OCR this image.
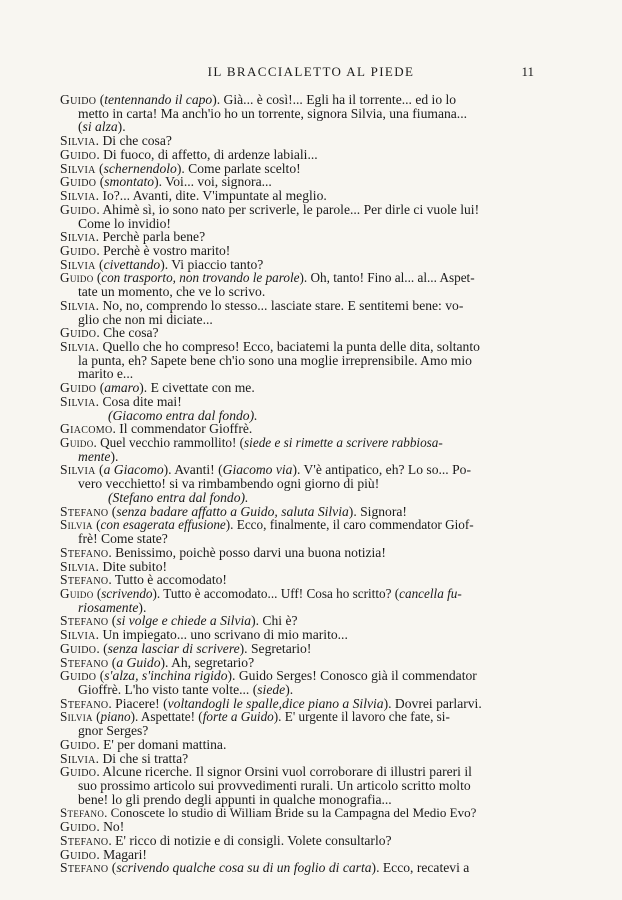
IL BRACCIALETTO AL PIEDE	11
Guido (tentennando il capo). Già... è così!... Egli ha il torrente... ed io lo
metto in carta! Ma anch'io ho un torrente, signora Silvia, una fiumana...
(si alza).
Silvia. Di che cosa?
Guido. Di fuoco, di affetto, di ardenze labiali...
Silvia (schernendolo). Come parlate scelto!
Guido (smontato). Voi... voi, signora...
Silvia. Io?... Avanti, dite. V'impuntate al meglio.
Guido. Ahimè sì, io sono nato per scriverle, le parole... Per dirle ci vuole lui!
Come lo invidio!
Silvia. Perchè parla bene?
Guido. Perchè è vostro marito!
Silvia (civettando). Vi piaccio tanto?
Guido (con trasporto, non trovando le parole). Oh, tanto! Fino al... al... Aspet-
tate un momento, che ve lo scrivo.
Silvia. No, no, comprendo lo stesso... lasciate stare. E sentitemi bene: vo-
glio che non mi diciate...
Guido. Che cosa?
Silvia. Quello che ho compreso! Ecco, baciatemi la punta delle dita, soltanto
la punta, eh? Sapete bene ch'io sono una moglie irreprensibile. Amo mio
marito e...
Guido (amaro). E civettate con me.
Silvia. Cosa dite mai!
(Giacomo entra dal fondo).
Giacomo. Il commendator Gioffrè.
Guido. Quel vecchio rammollito! (siede e si rimette a scrivere rabbiosa-
mente).
Silvia (a Giacomo). Avanti! (Giacomo via). V'è antipatico, eh? Lo so... Po-
vero vecchietto! si va rimbambendo ogni giorno di più!
(Stefano entra dal fondo).
Stefano (senza badare affatto a Guido, saluta Silvia). Signora!
Silvia (con esagerata effusione). Ecco, finalmente, il caro commendator Giof-
frè! Come state?
Stefano. Benissimo, poichè posso darvi una buona notizia!
Silvia. Dite subito!
Stefano. Tutto è accomodato!
Guido (scrivendo). Tutto è accomodato... Uff! Cosa ho scritto? (cancella fu-
riosamente).
Stefano (si volge e chiede a Silvia). Chi è?
Silvia. Un impiegato... uno scrivano di mio marito...
Guido. (senza lasciar di scrivere). Segretario!
Stefano (a Guido). Ah, segretario?
Guido (s'alza, s'inchina rigido). Guido Serges! Conosco già il commendator
Gioffrè. L'ho visto tante volte... (siede).
Stefano. Piacere! (voltandogli le spalle,dice piano a Silvia). Dovrei parlarvi.
Silvia (piano). Aspettate! (forte a Guido). E' urgente il lavoro che fate, si-
gnor Serges?
Guido. E' per domani mattina.
Silvia. Di che si tratta?
Guido. Alcune ricerche. Il signor Orsini vuol corroborare di illustri pareri il
suo prossimo articolo sui provvedimenti rurali. Un articolo scritto molto
bene! lo gli prendo degli appunti in qualche monografia...
Stefano. Conoscete lo studio di William Bride su la Campagna del Medio Evo?
Guido. No!
Stefano. E' ricco di notizie e di consigli. Volete consultarlo?
Guido. Magari!
Stefano (scrivendo qualche cosa su di un foglio di carta). Ecco, recatevi a
